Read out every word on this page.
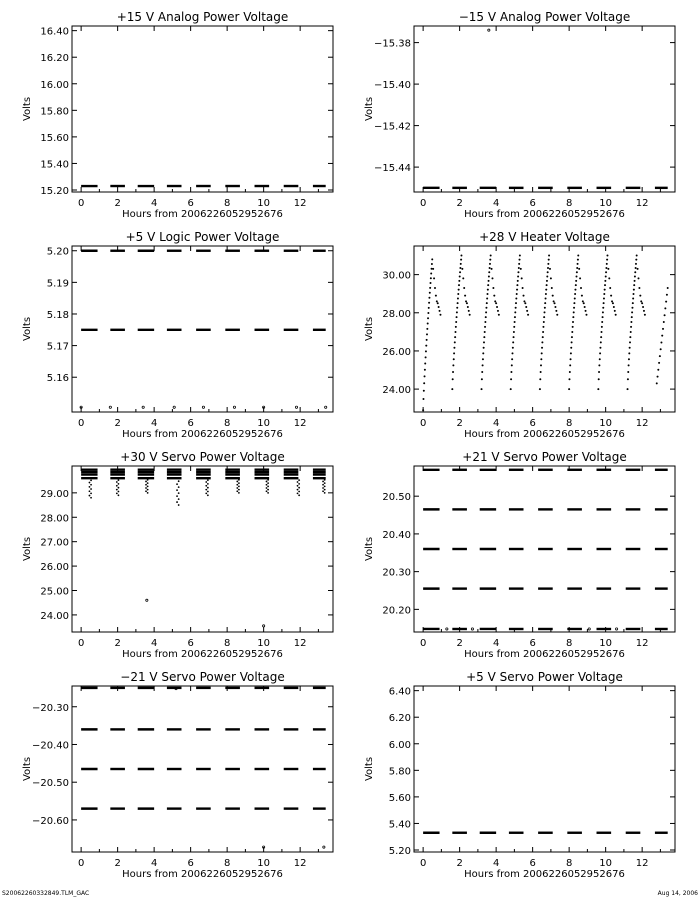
+15 V Analog Power Voltage
0	2	4	6	8	10 12
Hours from 20062260529526​76
15.20
15.40
15.60
15.80
16.00
16.20
16.40
Volts
−15 V Analog Power Voltage
0	2	4	6	8	10 12
Hours from 20062260529526​76
−15.44
−15.42
−15.40
−15.38
Volts
+5 V Logic Power Voltage
0	2	4	6	8	10 12
Hours from 20062260529526​76
5.16
5.17
5.18
5.19
5.20
Volts
+28 V Heater Voltage
0	2	4	6	8	10 12
Hours from 20062260529526​76
24.00
26.00
28.00
30.00
Volts
+30 V Servo Power Voltage
0	2	4	6	8	10 12
Hours from 20062260529526​76
24.00
25.00
26.00
27.00
28.00
29.00
Volts
+21 V Servo Power Voltage
0	2	4	6	8	10 12
Hours from 20062260529526​76
20.20
20.30
20.40
20.50
Volts
−21 V Servo Power Voltage
0	2	4	6	8	10 12
Hours from 20062260529526​76
−20.60
−20.50
−20.40
−20.30
Volts
+5 V Servo Power Voltage
0	2	4	6	8	10 12
Hours from 20062260529526​76
5.20
5.40
5.60
5.80
6.00
6.20
6.40
Volts
S20062260332849.TLM_GAC	Aug 14, 2006
